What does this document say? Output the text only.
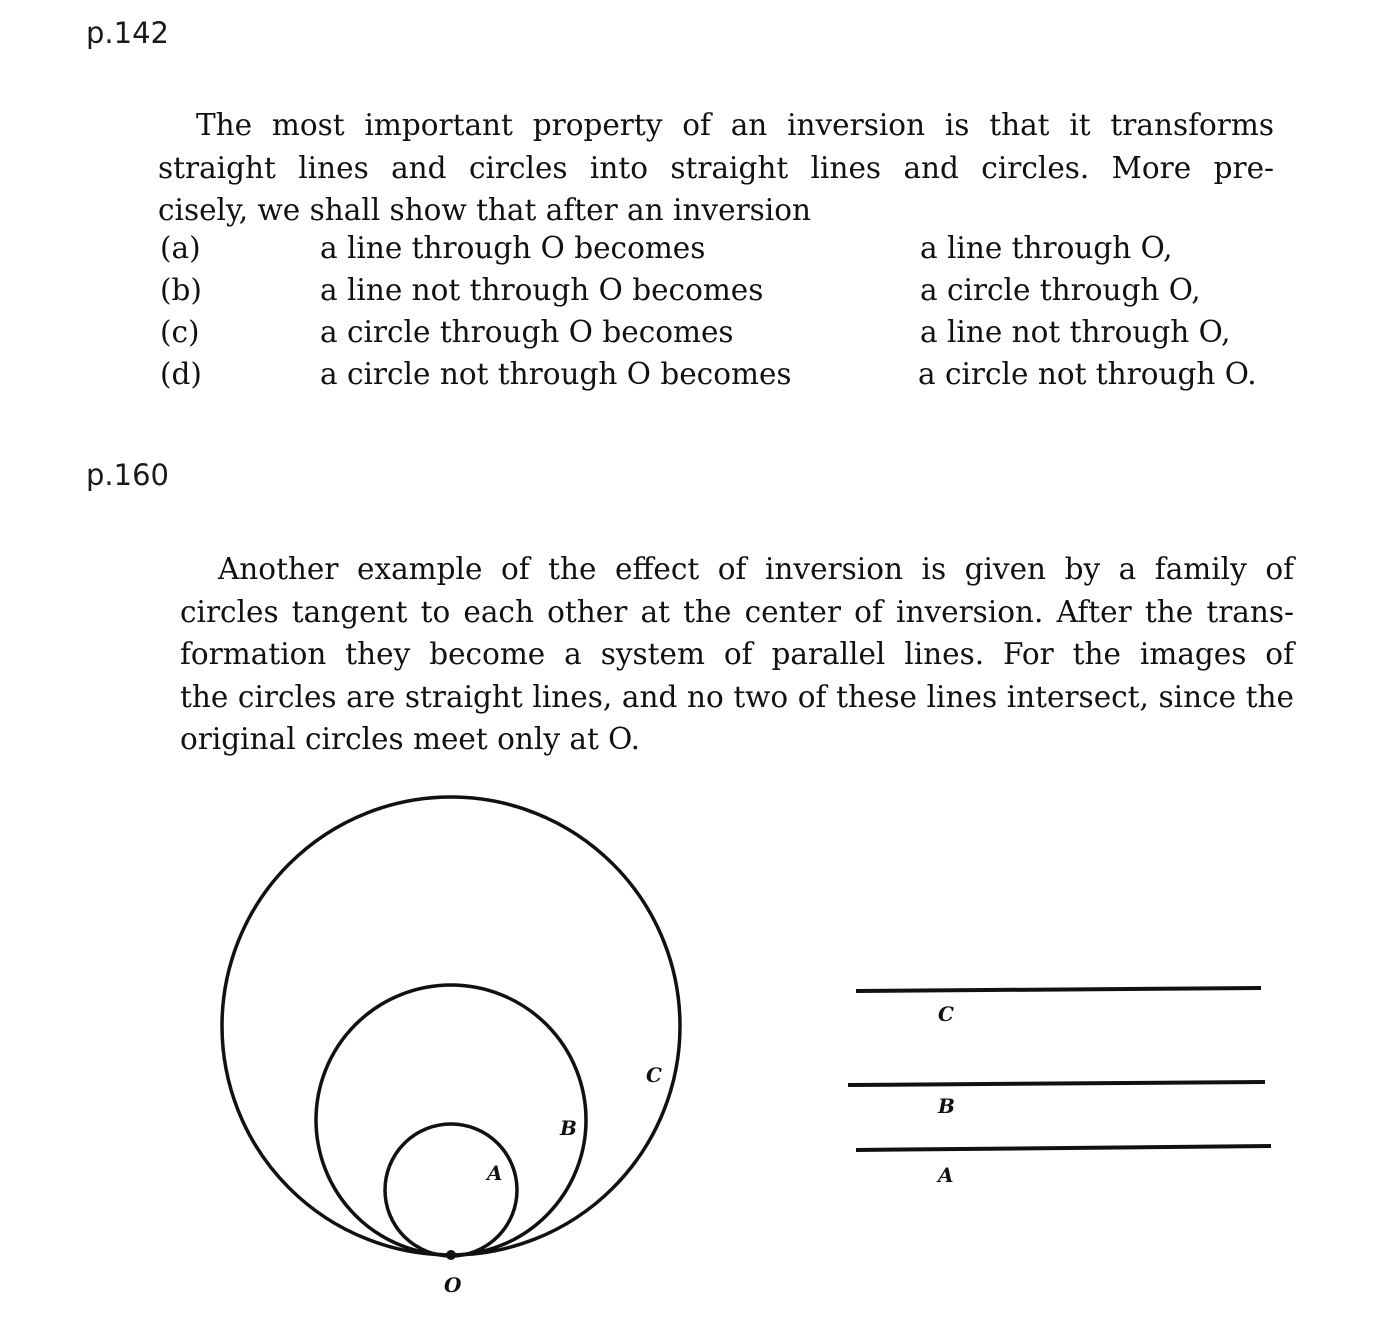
p.142
The most important property of an inversion is that it transforms
straight lines and circles into straight lines and circles. More pre-
cisely, we shall show that after an inversion
(a)	a line through O becomes	a line through O,
(b)	a line not through O becomes	a circle through O,
(c)	a circle through O becomes	a line not through O,
(d)	a circle not through O becomes	a circle not through O.
p.160
Another example of the effect of inversion is given by a family of
circles tangent to each other at the center of inversion. After the trans-
formation they become a system of parallel lines. For the images of
the circles are straight lines, and no two of these lines intersect, since the
original circles meet only at O.
O
A
B
C
C
B
A
